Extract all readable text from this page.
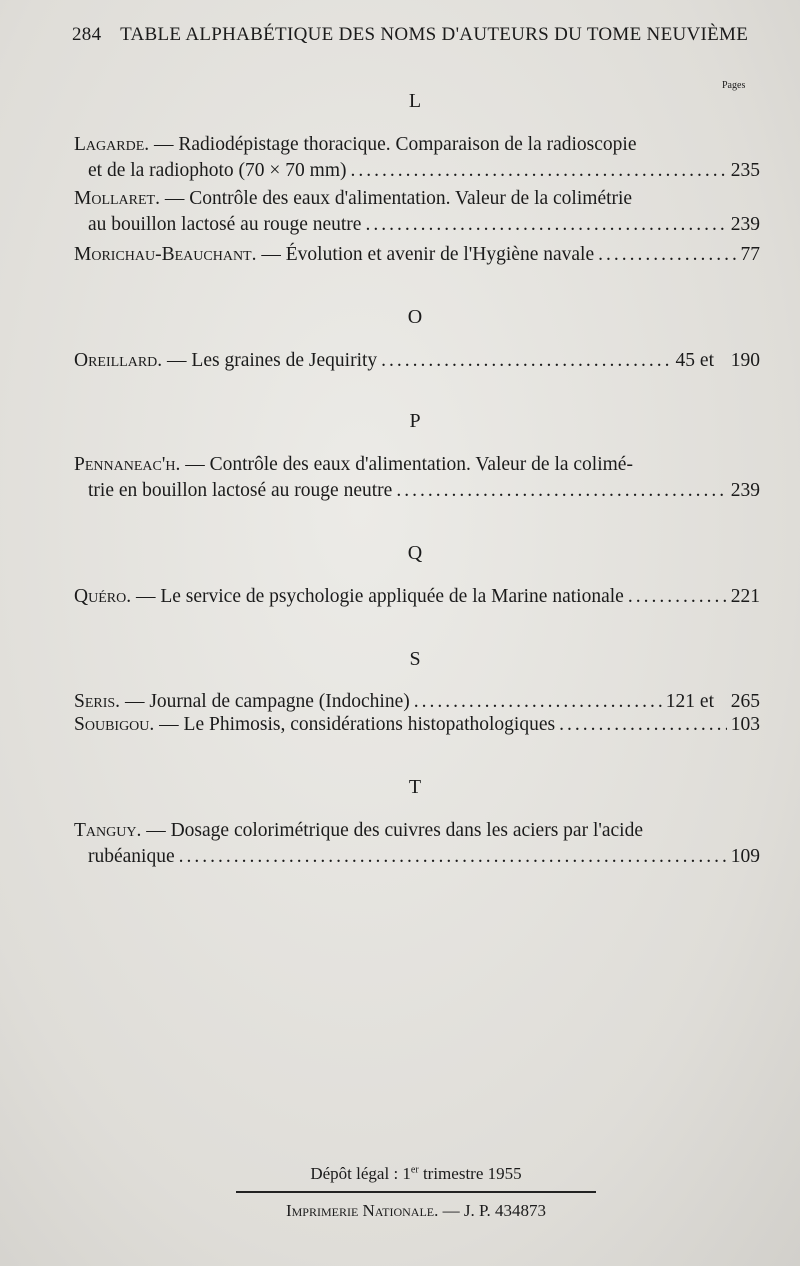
284 TABLE ALPHABÉTIQUE DES NOMS D'AUTEURS DU TOME NEUVIÈME
Pages
L
Lagarde. — Radiodépistage thoracique. Comparaison de la radioscopie
et de la radiophoto (70 × 70 mm) .....	235
Mollaret. — Contrôle des eaux d'alimentation. Valeur de la colimétrie
au bouillon lactosé au rouge neutre .....	239
Morichau-Beauchant. — Évolution et avenir de l'Hygiène navale .....	77
O
Oreillard. — Les graines de Jequirity .....	45 et 190
P
Pennaneac'h. — Contrôle des eaux d'alimentation. Valeur de la colimé-
trie en bouillon lactosé au rouge neutre .....	239
Q
Quéro. — Le service de psychologie appliquée de la Marine nationale .....	221
S
Seris. — Journal de campagne (Indochine) .....	121 et 265
Soubigou. — Le Phimosis, considérations histopathologiques .....	103
T
Tanguy. — Dosage colorimétrique des cuivres dans les aciers par l'acide
rubéanique .....	109
Dépôt légal : 1er trimestre 1955
Imprimerie Nationale. — J. P. 434873
